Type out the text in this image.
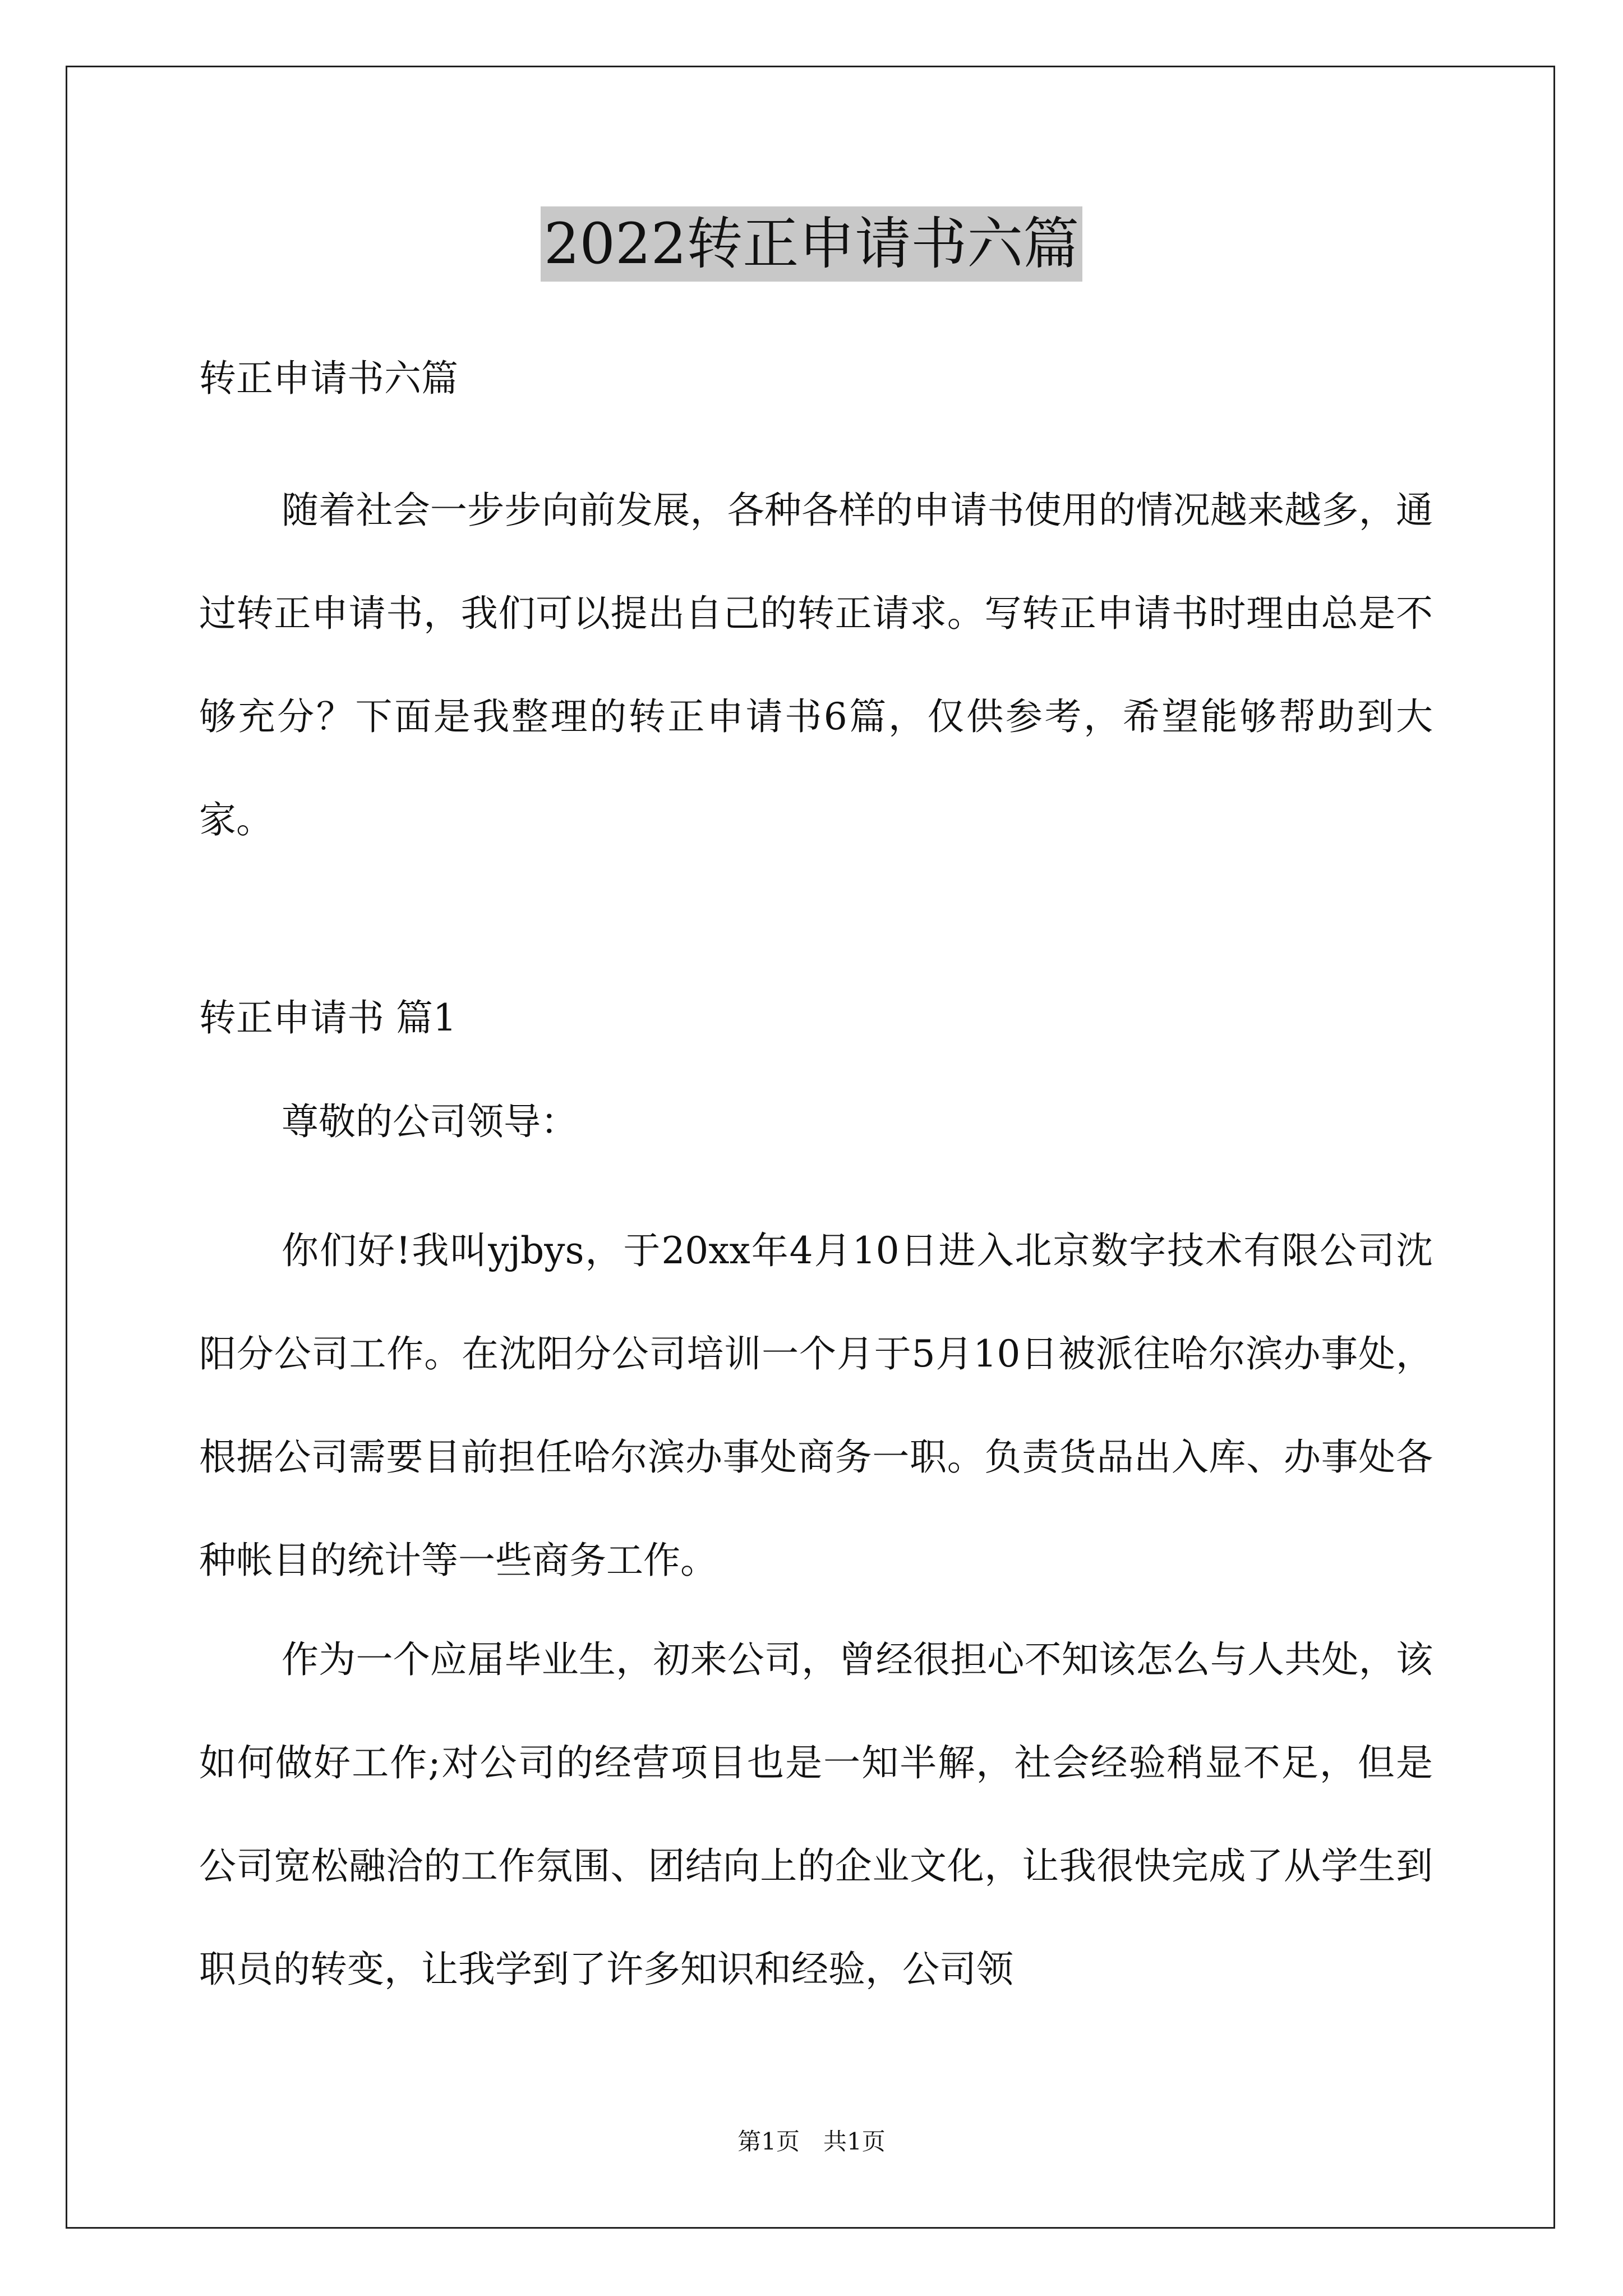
2022转正申请书六篇
转正申请书六篇

随着社会一步步向前发展，各种各样的申请书使用的情况越来越多，通过转正申请书，我们可以提出自己的转正请求。写转正申请书时理由总是不够充分？下面是我整理的转正申请书6篇，仅供参考，希望能够帮助到大家。

转正申请书 篇1
尊敬的公司领导：

你们好!我叫yjbys，于20xx年4月10日进入北京数字技术有限公司沈阳分公司工作。在沈阳分公司培训一个月于5月10日被派往哈尔滨办事处，根据公司需要目前担任哈尔滨办事处商务一职。负责货品出入库、办事处各种帐目的统计等一些商务工作。

作为一个应届毕业生，初来公司，曾经很担心不知该怎么与人共处，该如何做好工作;对公司的经营项目也是一知半解，社会经验稍显不足，但是公司宽松融洽的工作氛围、团结向上的企业文化，让我很快完成了从学生到职员的转变，让我学到了许多知识和经验，公司领

第1页　共1页
